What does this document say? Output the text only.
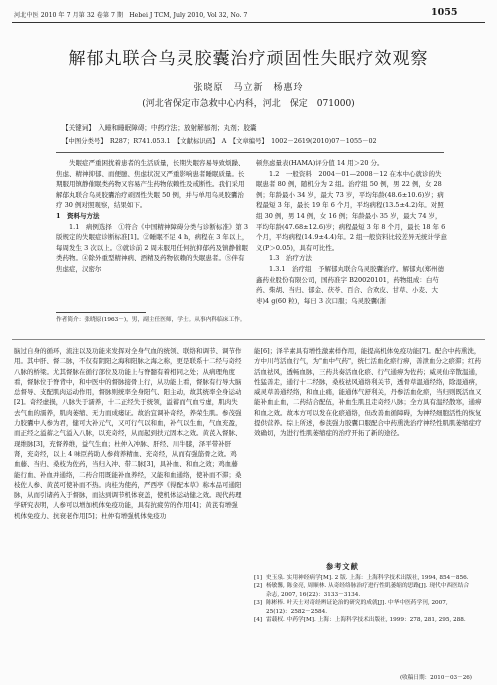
河北中医 2010 年 7 月第 32 卷第 7 期　Hebei J TCM, July 2010, Vol 32, No. 7	1055
解郁丸联合乌灵胶囊治疗顽固性失眠疗效观察
张晓原　马立新　杨惠玲
(河北省保定市急救中心内科，河北　保定　071000)
【关键词】　入睡和睡眠障碍；中药疗法；放射解郁剂；丸剂；胶囊
【中图分类号】　R287；R741.053.1　【文献标识码】　A　【文章编号】　1002－2619(2010)07－1055－02

失眠症严重困扰着患者的生活质量，长期失眠容易导致烦躁、焦虑、精神抑郁、而便臆、焦虑状况又严重影响患者睡眠质量。长期服用镇静催眠类药物又容易产生药物依赖性及戒断性。我们采用解郁丸联合乌灵胶囊治疗顽固性失眠 50 例，并与单用乌灵胶囊治疗 30 例对照观察，结果如下。

1　资料与方法

1.1　病例选择　①符合《中国精神障碍分类与诊断标准》第 3 版规定的失眠症诊断标准[1]。②睡眠不足 4 h，病程在 3 年以上，每周发生 3 次以上。③就诊前 2 周未服用任何抗抑郁药及镇静催眠类药物。④除外重型精神病、酒精及药物依赖的失眠患者。⑤伴有焦虑症，汉密尔

作者简介：张晓原(1963－)，男，副主任医师，学士。从事内科临床工作。

顿焦虑量表(HAMA)评分值 14 用＞20 分。

1.2　一般资料　2004－01—2008－12 在本中心就诊的失眠患者 80 例，随机分为 2 组。治疗组 50 例，男 22 例，女 28 例；年龄最小 34 岁，最大 73 岁，平均年龄(48.6±10.6)岁；病程最短 3 年，最长 19 年 6 个月，平均病程(13.5±4.2)年。对照组 30 例，男 14 例，女 16 例；年龄最小 35 岁，最大 74 岁，平均年龄(47.68±12.6)岁；病程最短 3 年 8 个月，最长 18 年 6 个月，平均病程(14.9±4.4)年。2 组一般资料比较差异无统计学意义(P＞0.05)，具有可比性。

1.3　治疗方法

1.3.1　治疗组　予解郁丸联合乌灵胶囊治疗。解郁丸(郑州德鑫药业股份有限公司，国药准字 B20020101，药物组成：白芍药、柴胡、当归、郁金、茯苓、百合、合欢皮、甘草、小麦、大枣)4 g(60 粒)，每日 3 次口服；乌灵胶囊(浙

脑过自身的循环，流注以及功能来发挥对全身气血的统领、联络和调节、调节作用。其中肝、督二脉，不仅有阴阳之海和阳脉之海之称，更是联系十二经与奇经八脉的桥梁。尤其督脉在循行部位及功能上与脊髓有着相同之处；从病理角度看，督脉位于脊背中，和中医中的督脉接骨上行，从功能上看，督脉有行导大脑总督导、支配肌肉运动作用，督脉则统率全身阳气、阳主动，故其统率全身运动[2]。奇经虚损，八脉失于濡养，十二正经失于统领，溢蓄而气血亏虚，肌肉失去气血的濡养，肌肉萎缩、无力而成痿证。故治宜调补奇经，养荣生肌。参茂强力胶囊中人参为君，健可大补元气，又可行气以和血，补气以生血，气血充盈，而正经之溢蓄之气溢入八脉，以充奇经，从而起到扶元固本之效。黄芪入督脉、现维脉[3]，充督养维，益气生血；杜仲入冲脉、肝经、川牛膝，泽平带补肝肾，充奇经，以上 4 味臣药助人参荷养精血、充奇经，从而有强筋骨之效。鸡血藤、当归、桑枝为佐药，当归入冲、带二脉[3]，具补血、和血之效；鸡血藤能行血、补血并通络，二药合用既能补血养经，又能和血通络，使补而不滞；桑枝佐人参、黄芪可使补而不热。肉桂为使药，严西亭《得配本草》称本品可通阳脉，从而引诸药入于督脉，而达到调节机体衰盖，使机体运动健之效。现代药理学研究表明，人参可以增加机体免疫功能，具有抗疲劳的作用[4]；黄芪有增强机体免疫力、抗衰老作用[5]；杜仲有增强机体免疫功

能[6]；泽半素具有增性激素样作用，能提高机体免疫功能[7]。配合中药熏洗，方中川芎活血行气，为"血中气药"，统仁活血化瘀行痹，善泄血分之瘀滞；红药活血祛风，透畅血脉，三药共奏活血化瘀、行气通痹为佐药；威灵仙辛散温通，性猛善走，通行十二经脉，桑枝祛风通络利关节，透骨草温通经络，除湿通痹，威灵草善通经络，和血止痛，能通体气舒利关，丹参活血化瘀，当归则既活血又能补血止血，二药结合配伍，补血生肌且走奇经八脉；全方具有温经散寒，通痹和血之效。故本方可以发在化瘀通络，但改善血循障碍，为神经细胞活性的恢复提供营养。综上所述，参芪强力胶囊口服配合中药熏洗治疗神经性肌肌萎缩症疗效确切，为进行性肌萎缩症的治疗开拓了新的途径。

参考文献
[1] 史玉泉. 实用神经病学[M]. 2 版. 上海：上海科学技术出版社, 1994, 854－856.
[2] 杨敏馨, 陈金亮, 周顺林. 从奇经络脉治疗进行性肌萎缩的思路[J]. 现代中西医结合杂志, 2007, 16(22)：3133－3134.
[3] 陈彬棒. 叶天士对奇经辨证论治的研究的成就[J]. 中华中医药学刊, 2007, 25(12)：2582－2584.
[4] 雷载权. 中药学[M]. 上海：上海科学技术出版社, 1999：278, 281, 295, 288.
(收稿日期：2010－03－26)
